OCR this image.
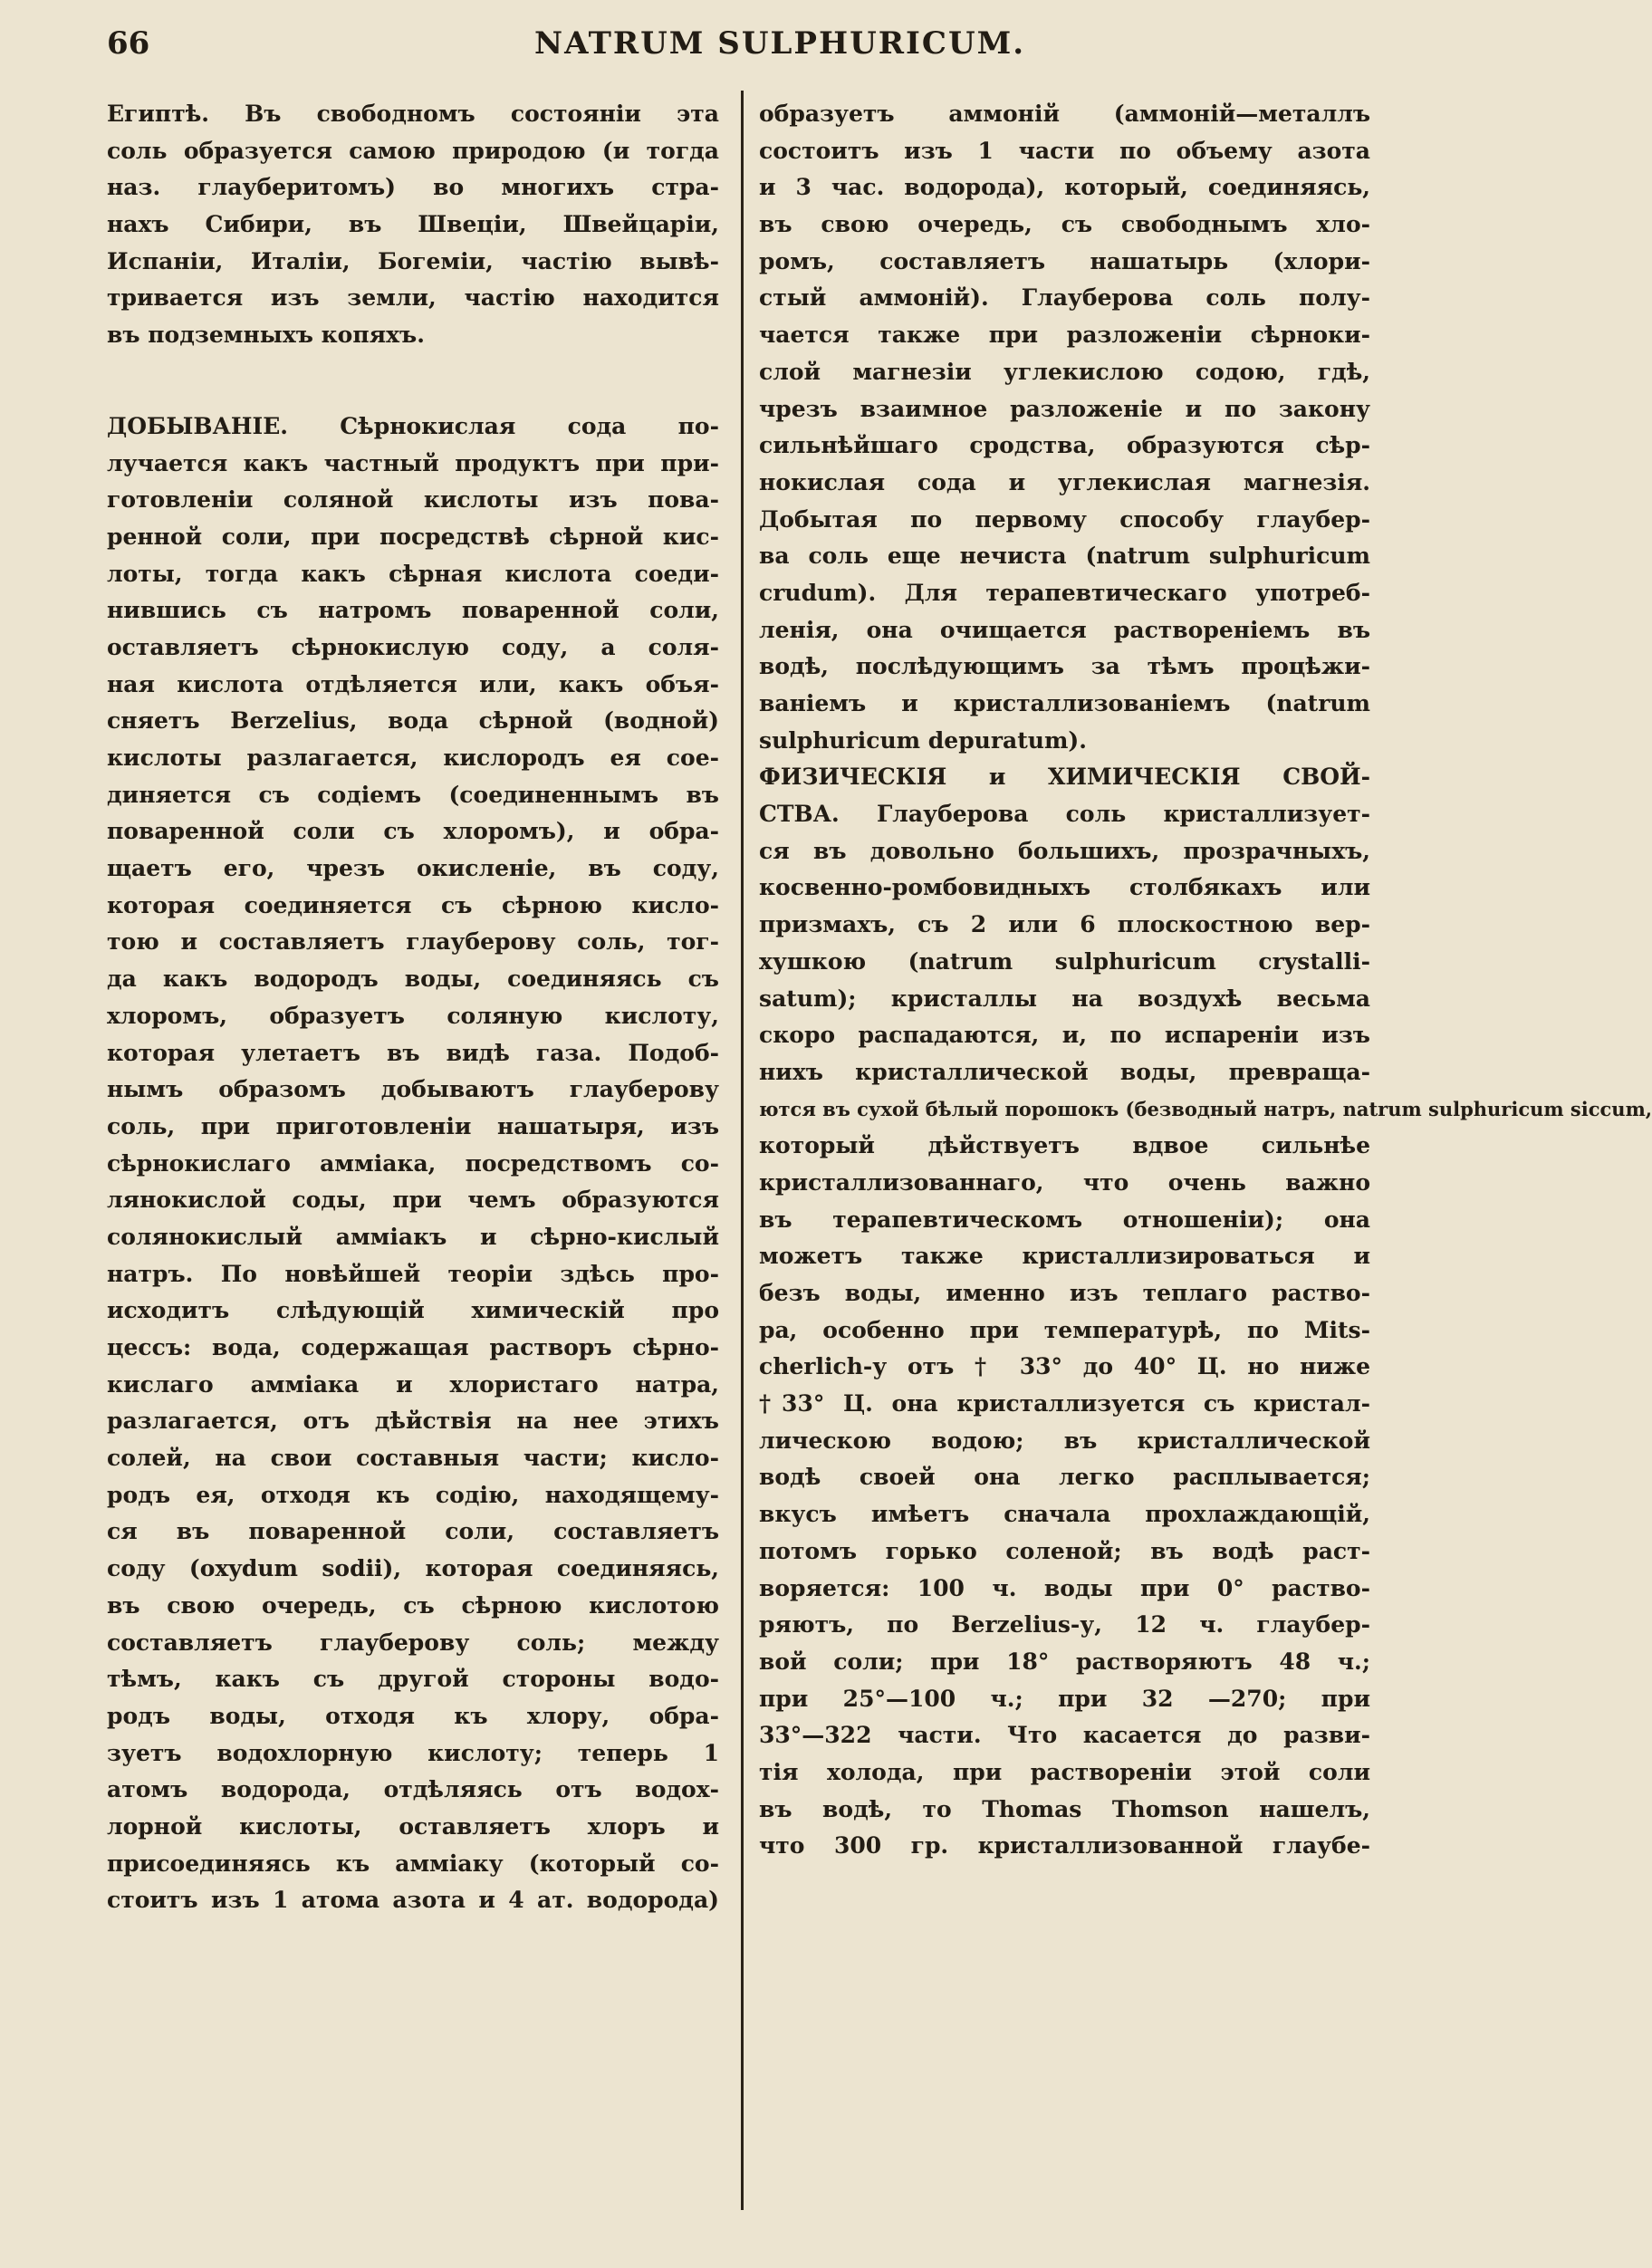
66	NATRUM SULPHURICUM.
Египтѣ. Въ свободномъ состоянiи эта
соль образуется самою природою (и тогда
наз. глауберитомъ) во многихъ стра-
нахъ Сибири, въ Швецiи, Швейцарiи,
Испанiи, Италiи, Богемiи, частiю вывѣ-
тривается изъ земли, частiю находится
въ подземныхъ копяхъ.
ДОБЫВАНIЕ. Сѣрнокислая сода по-
лучается какъ частный продуктъ при при-
готовленiи соляной кислоты изъ пова-
ренной соли, при посредствѣ сѣрной кис-
лоты, тогда какъ сѣрная кислота соеди-
нившись съ натромъ поваренной соли,
оставляетъ сѣрнокислую соду, а соля-
ная кислота отдѣляется или, какъ объя-
сняетъ Berzelius, вода сѣрной (водной)
кислоты разлагается, кислородъ ея сое-
диняется съ содiемъ (соединеннымъ въ
поваренной соли съ хлоромъ), и обра-
щаетъ его, чрезъ окисленiе, въ соду,
которая соединяется съ сѣрною кисло-
тою и составляетъ глауберову соль, тог-
да какъ водородъ воды, соединяясь съ
хлоромъ, образуетъ соляную кислоту,
которая улетаетъ въ видѣ газа. Подоб-
нымъ образомъ добываютъ глауберову
соль, при приготовленiи нашатыря, изъ
сѣрнокислаго аммiака, посредствомъ со-
лянокислой соды, при чемъ образуются
солянокислый аммiакъ и сѣрно-кислый
натръ. По новѣйшей теорiи здѣсь про-
исходитъ слѣдующiй химическiй про
цессъ: вода, содержащая растворъ сѣрно-
кислаго амміака и хлористаго натра,
разлагается, отъ дѣйствiя на нее этихъ
солей, на свои составныя части; кисло-
родъ ея, отходя къ содiю, находящему-
ся въ поваренной соли, составляетъ
соду (oxydum sodii), которая соединяясь,
въ свою очередь, съ сѣрною кислотою
составляетъ глауберову соль; между
тѣмъ, какъ съ другой стороны водо-
родъ воды, отходя къ хлору, обра-
зуетъ водохлорную кислоту; теперь 1
атомъ водорода, отдѣляясь отъ водох-
лорной кислоты, оставляетъ хлоръ и
присоединяясь къ амміаку (который со-
стоитъ изъ 1 атома азота и 4 ат. водорода)
образуетъ аммонiй (аммонiй—металлъ
состоитъ изъ 1 части по объему азота
и 3 час. водорода), который, соединяясь,
въ свою очередь, съ свободнымъ хло-
ромъ, составляетъ нашатырь (хлори-
стый аммонiй). Глауберова соль полу-
чается также при разложенiи сѣрноки-
слой магнезiи углекислою содою, гдѣ,
чрезъ взаимное разложенiе и по закону
сильнѣйшаго сродства, образуются сѣр-
нокислая сода и углекислая магнезiя.
Добытая по первому способу глаубер-
ва соль еще нечиста (natrum sulphuricum
crudum). Для терапевтическаго употреб-
ленiя, она очищается растворенiемъ въ
водѣ, послѣдующимъ за тѣмъ процѣжи-
ванiемъ и кристаллизованiемъ (natrum
sulphuricum depuratum).
ФИЗИЧЕСКIЯ и ХИМИЧЕСКIЯ СВОЙ-
СТВА. Глауберова соль кристаллизует-
ся въ довольно большихъ, прозрачныхъ,
косвенно-ромбовидныхъ столбякахъ или
призмахъ, съ 2 или 6 плоскостною вер-
хушкою (natrum sulphuricum crystalli-
satum); кристаллы на воздухѣ весьма
скоро распадаются, и, по испаренiи изъ
нихъ кристаллической воды, превраща-
ются въ сухой бѣлый порошокъ (безводный натръ, natrum sulphuricum siccum,
который дѣйствуетъ вдвое сильнѣе
кристаллизованнаго, что очень важно
въ терапевтическомъ отношенiи); она
можетъ также кристаллизироваться и
безъ воды, именно изъ теплаго раство-
ра, особенно при температурѣ, по Mits-
cherlich-у отъ † 33° до 40° Ц. но ниже
†33° Ц. она кристаллизуется съ кристал-
лическою водою; въ кристаллической
водѣ своей она легко расплывается;
вкусъ имѣетъ сначала прохлаждающiй,
потомъ горько соленой; въ водѣ раст-
воряется: 100 ч. воды при 0° раство-
ряютъ, по Berzelius-у, 12 ч. глаубер-
вой соли; при 18° растворяютъ 48 ч.;
при 25°—100 ч.; при 32 —270; при
33°—322 части. Что касается до разви-
тiя холода, при растворенiи этой соли
въ водѣ, то Thomas Thomson нашелъ,
что 300 гр. кристаллизованной глаубе-
